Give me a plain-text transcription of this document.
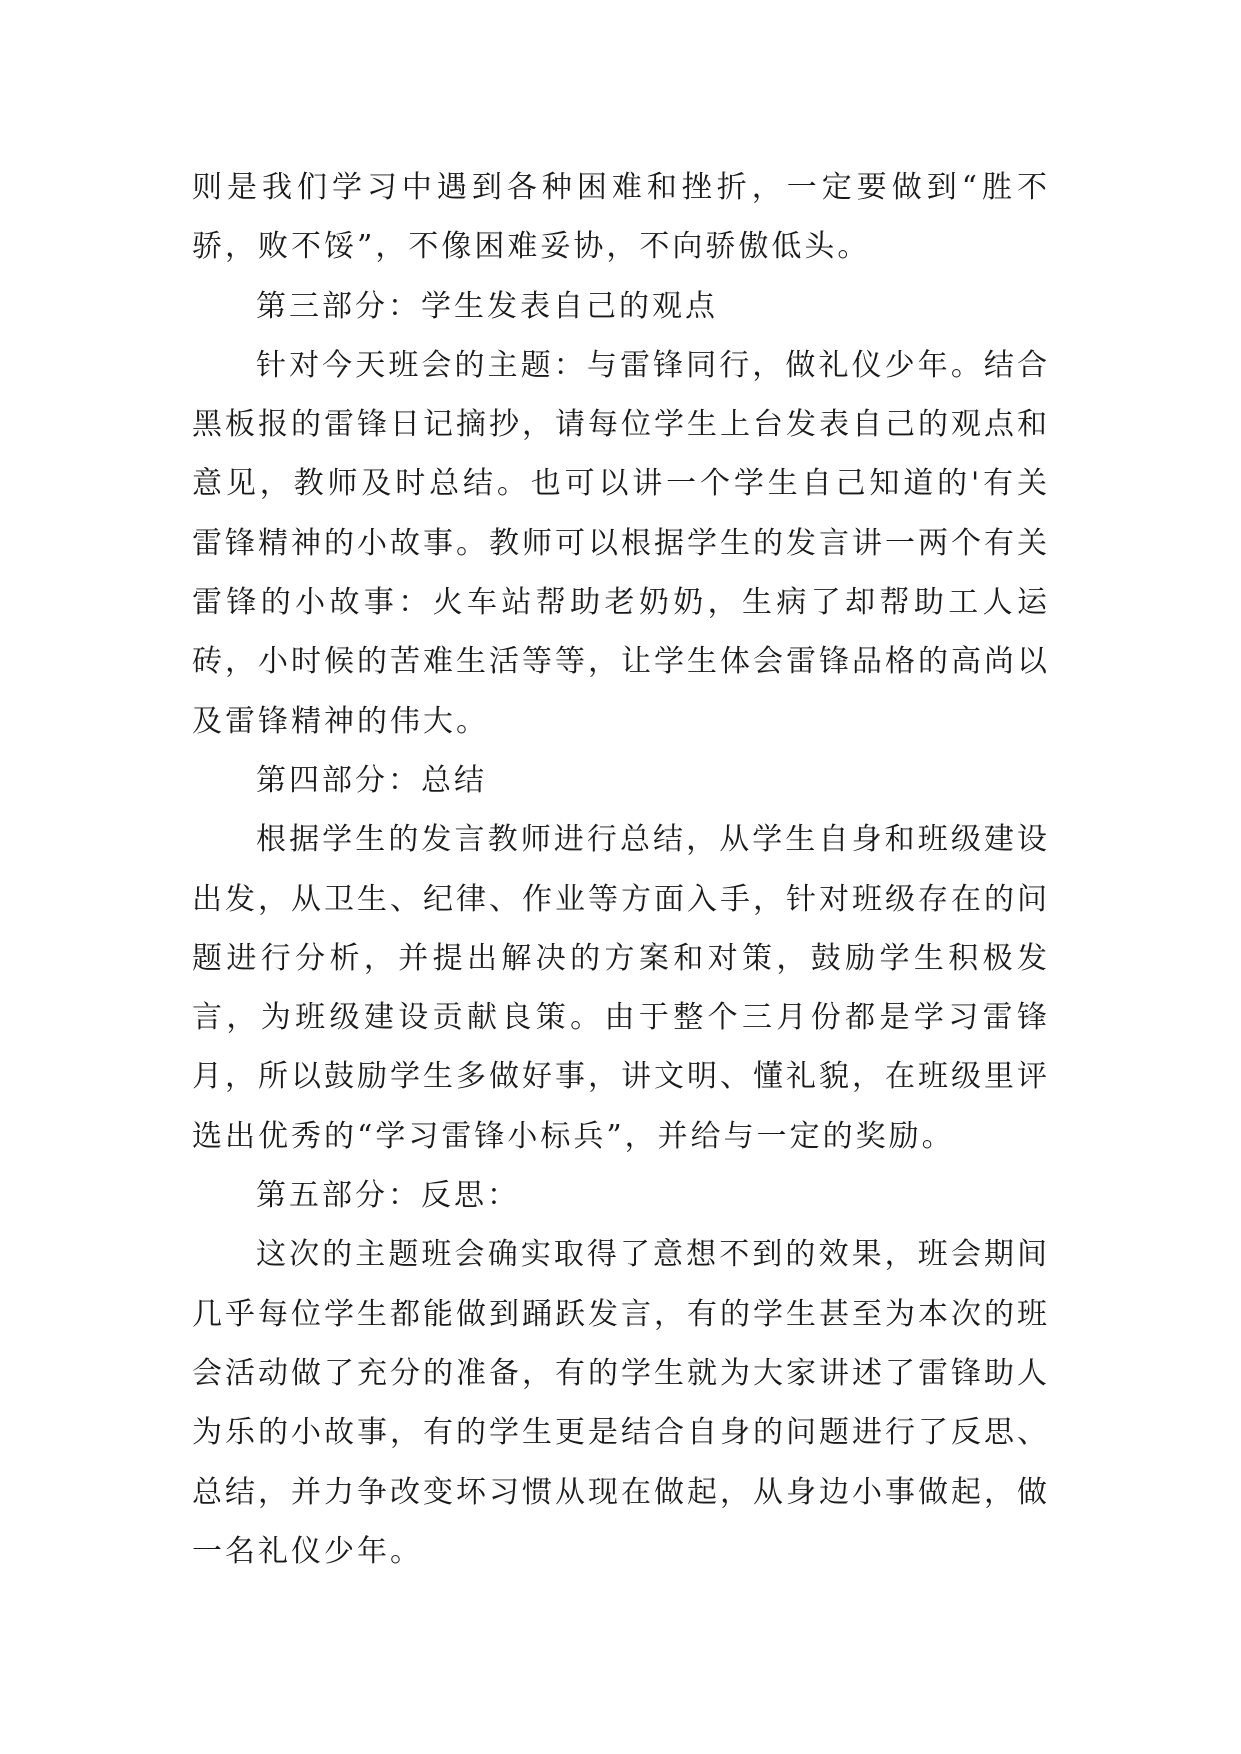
则是我们学习中遇到各种困难和挫折，一定要做到“胜不骄，败不馁”，不像困难妥协，不向骄傲低头。

第三部分：学生发表自己的观点

针对今天班会的主题：与雷锋同行，做礼仪少年。结合黑板报的雷锋日记摘抄，请每位学生上台发表自己的观点和意见，教师及时总结。也可以讲一个学生自己知道的'有关雷锋精神的小故事。教师可以根据学生的发言讲一两个有关雷锋的小故事：火车站帮助老奶奶，生病了却帮助工人运砖，小时候的苦难生活等等，让学生体会雷锋品格的高尚以及雷锋精神的伟大。

第四部分：总结

根据学生的发言教师进行总结，从学生自身和班级建设出发，从卫生、纪律、作业等方面入手，针对班级存在的问题进行分析，并提出解决的方案和对策，鼓励学生积极发言，为班级建设贡献良策。由于整个三月份都是学习雷锋月，所以鼓励学生多做好事，讲文明、懂礼貌，在班级里评选出优秀的“学习雷锋小标兵”，并给与一定的奖励。

第五部分：反思：

这次的主题班会确实取得了意想不到的效果，班会期间几乎每位学生都能做到踊跃发言，有的学生甚至为本次的班会活动做了充分的准备，有的学生就为大家讲述了雷锋助人为乐的小故事，有的学生更是结合自身的问题进行了反思、总结，并力争改变坏习惯从现在做起，从身边小事做起，做一名礼仪少年。
